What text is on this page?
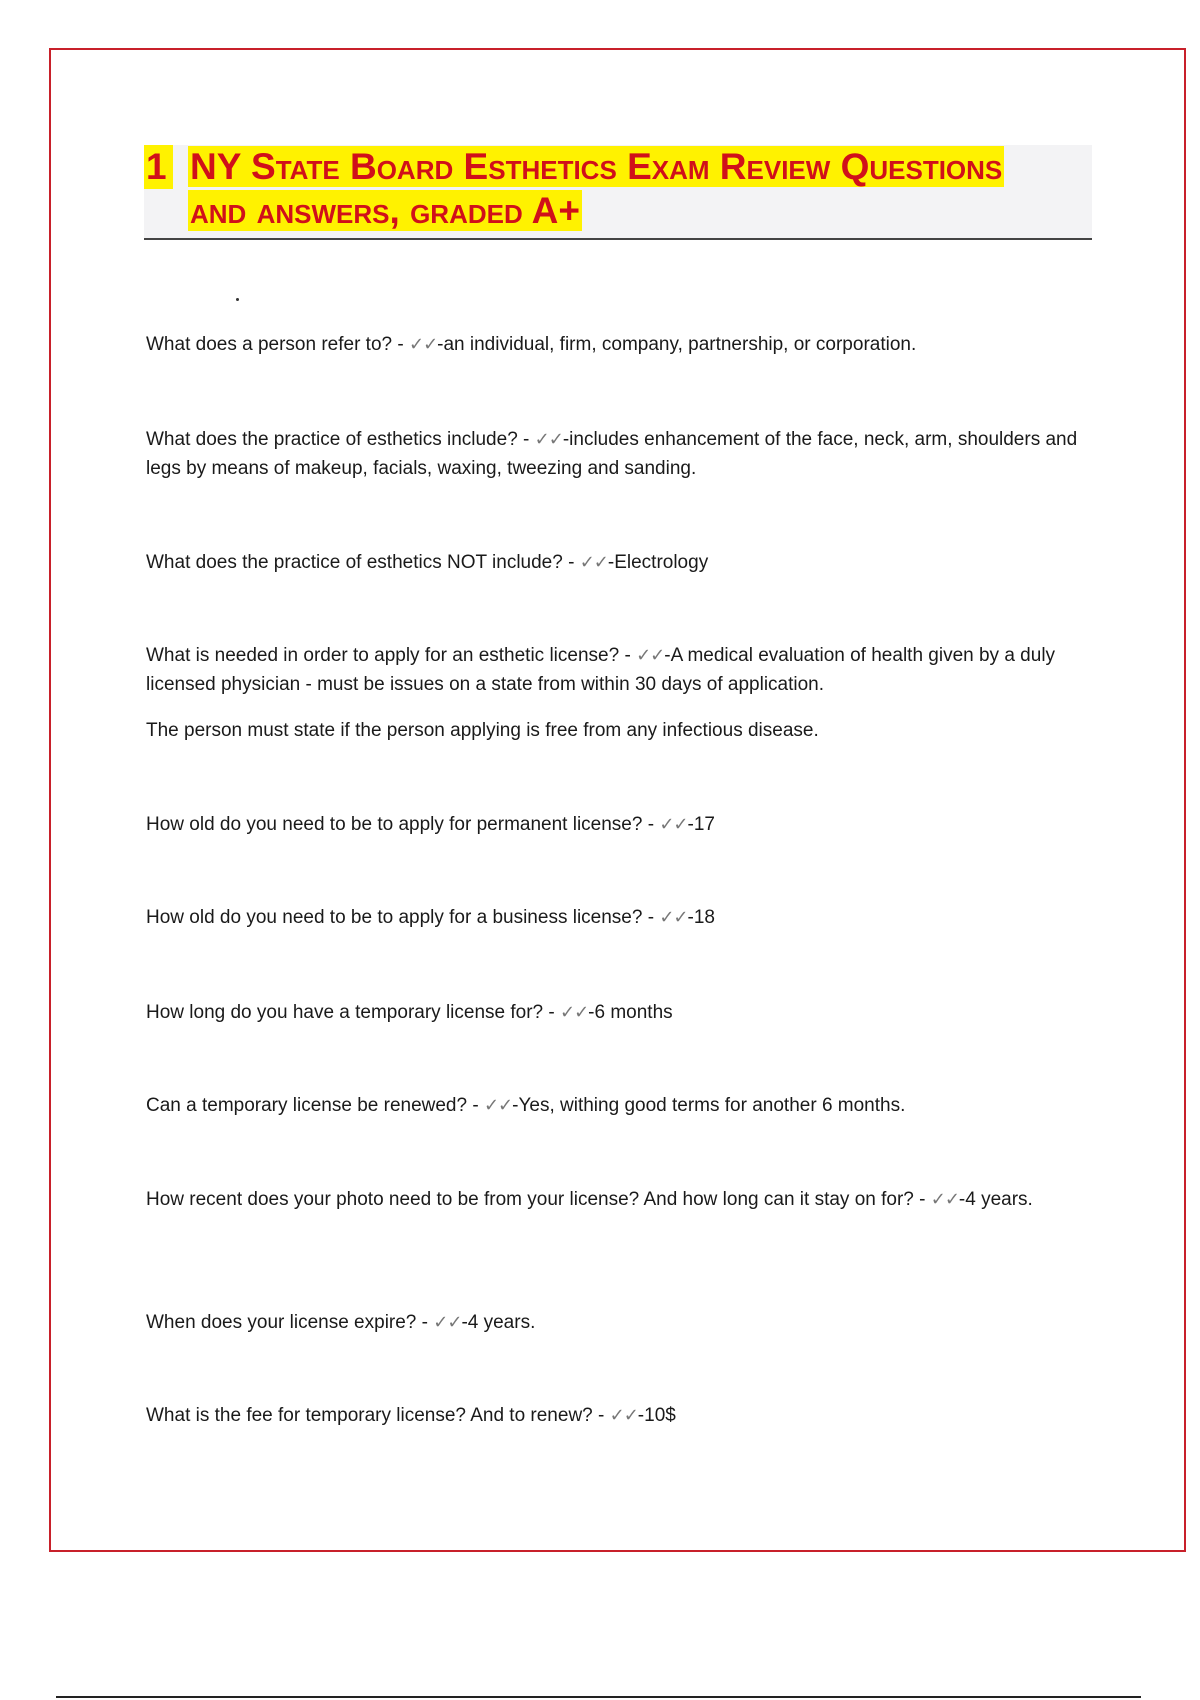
1 NY State Board Esthetics Exam Review Questions
and answers, graded A+
What does a person refer to? - ✓✓-an individual, firm, company, partnership, or corporation.
What does the practice of esthetics include? - ✓✓-includes enhancement of the face, neck, arm, shoulders and legs by means of makeup, facials, waxing, tweezing and sanding.
What does the practice of esthetics NOT include? - ✓✓-Electrology
What is needed in order to apply for an esthetic license? - ✓✓-A medical evaluation of health given by a duly licensed physician - must be issues on a state from within 30 days of application.
The person must state if the person applying is free from any infectious disease.
How old do you need to be to apply for permanent license? - ✓✓-17
How old do you need to be to apply for a business license? - ✓✓-18
How long do you have a temporary license for? - ✓✓-6 months
Can a temporary license be renewed? - ✓✓-Yes, withing good terms for another 6 months.
How recent does your photo need to be from your license? And how long can it stay on for? - ✓✓-4 years.
When does your license expire? - ✓✓-4 years.
What is the fee for temporary license? And to renew? - ✓✓-10$
